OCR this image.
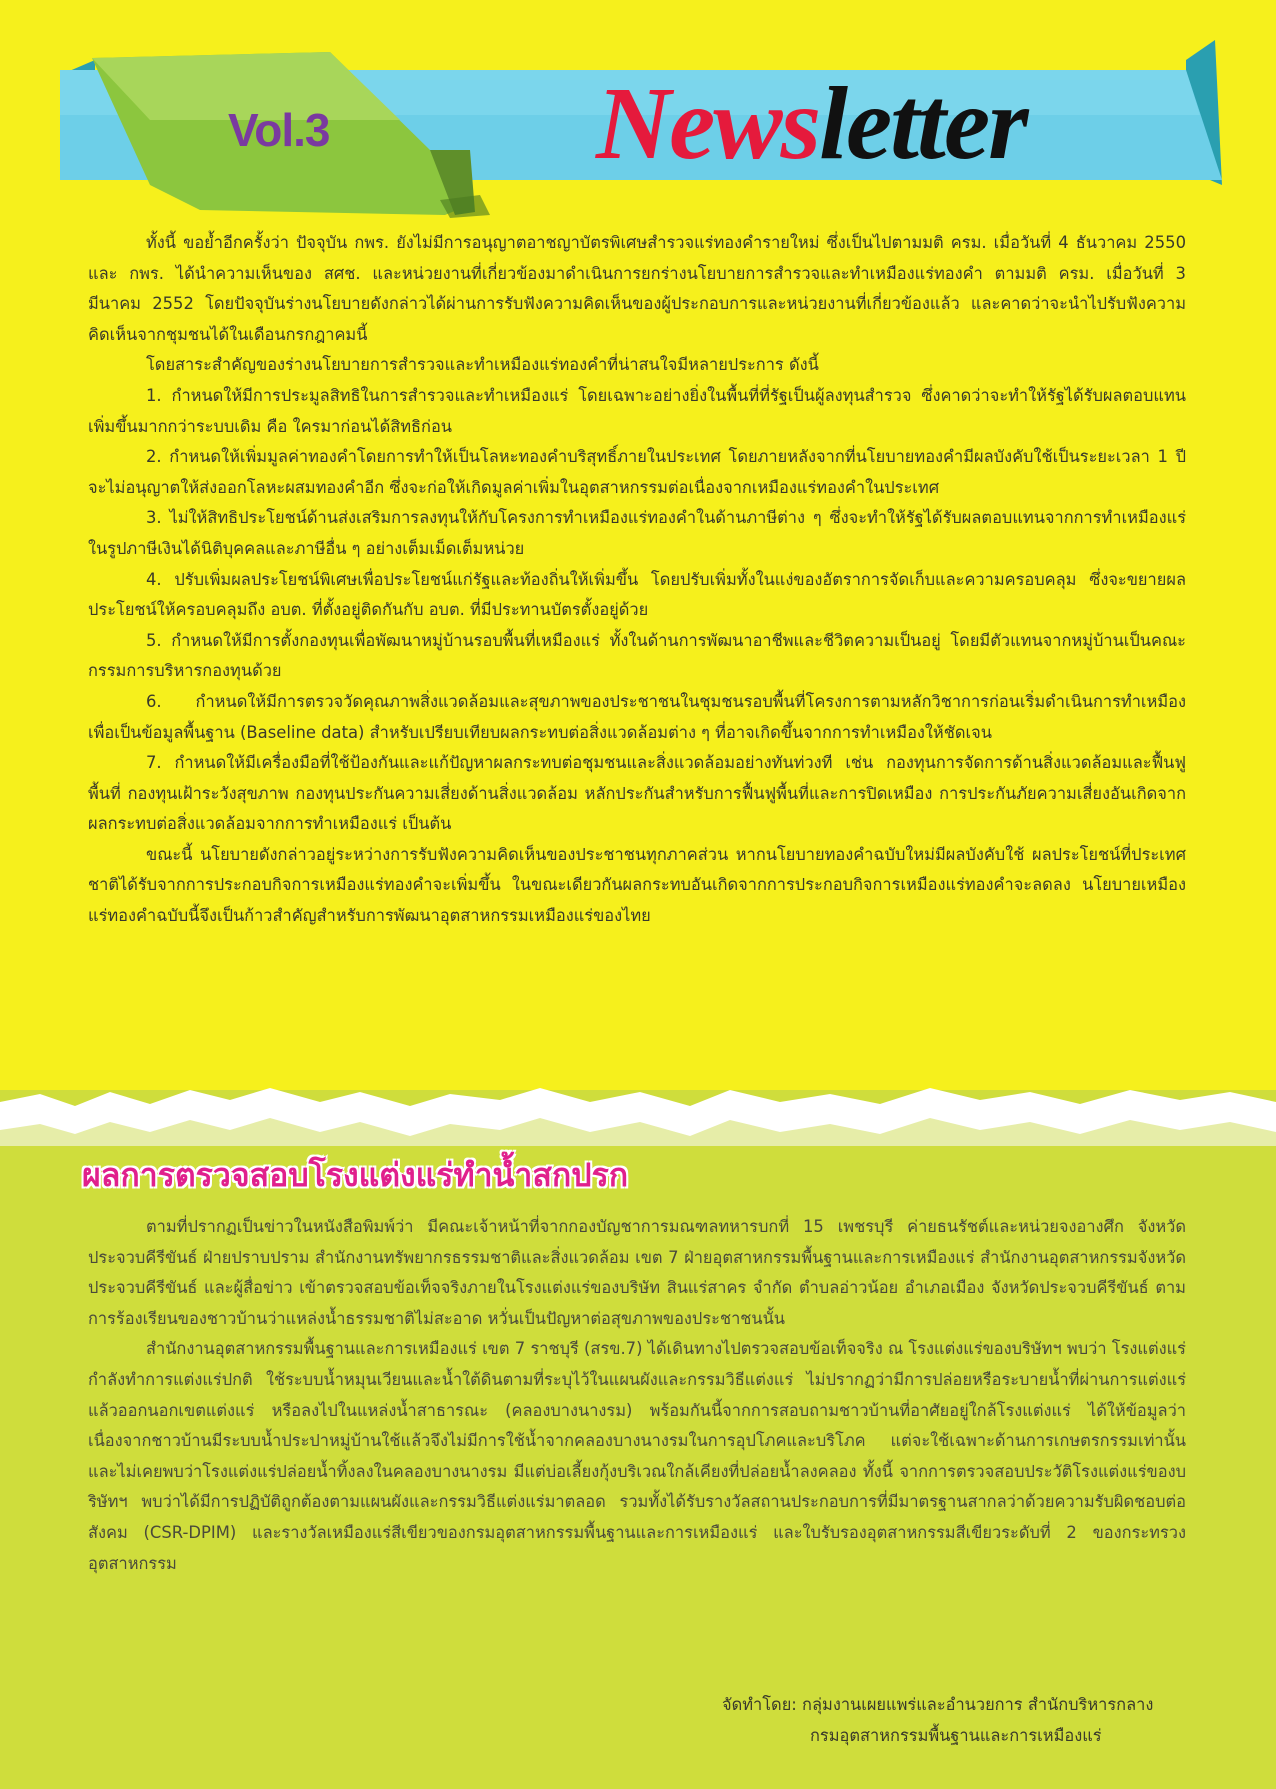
Vol.3	Newsletter

ทั้งนี้ ขอย้ำอีกครั้งว่า ปัจจุบัน กพร. ยังไม่มีการอนุญาตอาชญาบัตรพิเศษสำรวจแร่ทองคำรายใหม่ ซึ่งเป็นไปตามมติ ครม. เมื่อวันที่ 4 ธันวาคม 2550 และ กพร. ได้นำความเห็นของ สศช. และหน่วยงานที่เกี่ยวข้องมาดำเนินการยกร่างนโยบายการสำรวจและทำเหมืองแร่ทองคำ ตามมติ ครม. เมื่อวันที่ 3 มีนาคม 2552 โดยปัจจุบันร่างนโยบายดังกล่าวได้ผ่านการรับฟังความคิดเห็นของผู้ประกอบการและหน่วยงานที่เกี่ยวข้องแล้ว และคาดว่าจะนำไปรับฟังความคิดเห็นจากชุมชนได้ในเดือนกรกฎาคมนี้

โดยสาระสำคัญของร่างนโยบายการสำรวจและทำเหมืองแร่ทองคำที่น่าสนใจมีหลายประการ ดังนี้

1. กำหนดให้มีการประมูลสิทธิในการสำรวจและทำเหมืองแร่ โดยเฉพาะอย่างยิ่งในพื้นที่ที่รัฐเป็นผู้ลงทุนสำรวจ ซึ่งคาดว่าจะทำให้รัฐได้รับผลตอบแทนเพิ่มขึ้นมากกว่าระบบเดิม คือ ใครมาก่อนได้สิทธิก่อน

2. กำหนดให้เพิ่มมูลค่าทองคำโดยการทำให้เป็นโลหะทองคำบริสุทธิ์ภายในประเทศ โดยภายหลังจากที่นโยบายทองคำมีผลบังคับใช้เป็นระยะเวลา 1 ปี จะไม่อนุญาตให้ส่งออกโลหะผสมทองคำอีก ซึ่งจะก่อให้เกิดมูลค่าเพิ่มในอุตสาหกรรมต่อเนื่องจากเหมืองแร่ทองคำในประเทศ

3. ไม่ให้สิทธิประโยชน์ด้านส่งเสริมการลงทุนให้กับโครงการทำเหมืองแร่ทองคำในด้านภาษีต่าง ๆ ซึ่งจะทำให้รัฐได้รับผลตอบแทนจากการทำเหมืองแร่ในรูปภาษีเงินได้นิติบุคคลและภาษีอื่น ๆ อย่างเต็มเม็ดเต็มหน่วย

4. ปรับเพิ่มผลประโยชน์พิเศษเพื่อประโยชน์แก่รัฐและท้องถิ่นให้เพิ่มขึ้น โดยปรับเพิ่มทั้งในแง่ของอัตราการจัดเก็บและความครอบคลุม ซึ่งจะขยายผลประโยชน์ให้ครอบคลุมถึง อบต. ที่ตั้งอยู่ติดกันกับ อบต. ที่มีประทานบัตรตั้งอยู่ด้วย

5. กำหนดให้มีการตั้งกองทุนเพื่อพัฒนาหมู่บ้านรอบพื้นที่เหมืองแร่ ทั้งในด้านการพัฒนาอาชีพและชีวิตความเป็นอยู่ โดยมีตัวแทนจากหมู่บ้านเป็นคณะกรรมการบริหารกองทุนด้วย

6. กำหนดให้มีการตรวจวัดคุณภาพสิ่งแวดล้อมและสุขภาพของประชาชนในชุมชนรอบพื้นที่โครงการตามหลักวิชาการก่อนเริ่มดำเนินการทำเหมือง เพื่อเป็นข้อมูลพื้นฐาน (Baseline data) สำหรับเปรียบเทียบผลกระทบต่อสิ่งแวดล้อมต่าง ๆ ที่อาจเกิดขึ้นจากการทำเหมืองให้ชัดเจน

7. กำหนดให้มีเครื่องมือที่ใช้ป้องกันและแก้ปัญหาผลกระทบต่อชุมชนและสิ่งแวดล้อมอย่างทันท่วงที เช่น กองทุนการจัดการด้านสิ่งแวดล้อมและฟื้นฟูพื้นที่ กองทุนเฝ้าระวังสุขภาพ กองทุนประกันความเสี่ยงด้านสิ่งแวดล้อม หลักประกันสำหรับการฟื้นฟูพื้นที่และการปิดเหมือง การประกันภัยความเสี่ยงอันเกิดจากผลกระทบต่อสิ่งแวดล้อมจากการทำเหมืองแร่ เป็นต้น

ขณะนี้ นโยบายดังกล่าวอยู่ระหว่างการรับฟังความคิดเห็นของประชาชนทุกภาคส่วน หากนโยบายทองคำฉบับใหม่มีผลบังคับใช้ ผลประโยชน์ที่ประเทศชาติได้รับจากการประกอบกิจการเหมืองแร่ทองคำจะเพิ่มขึ้น ในขณะเดียวกันผลกระทบอันเกิดจากการประกอบกิจการเหมืองแร่ทองคำจะลดลง นโยบายเหมืองแร่ทองคำฉบับนี้จึงเป็นก้าวสำคัญสำหรับการพัฒนาอุตสาหกรรมเหมืองแร่ของไทย

ผลการตรวจสอบโรงแต่งแร่ทำน้ำสกปรก

ตามที่ปรากฏเป็นข่าวในหนังสือพิมพ์ว่า มีคณะเจ้าหน้าที่จากกองบัญชาการมณฑลทหารบกที่ 15 เพชรบุรี ค่ายธนรัชต์และหน่วยจงอางศึก จังหวัดประจวบคีรีขันธ์ ฝ่ายปราบปราม สำนักงานทรัพยากรธรรมชาติและสิ่งแวดล้อม เขต 7 ฝ่ายอุตสาหกรรมพื้นฐานและการเหมืองแร่ สำนักงานอุตสาหกรรมจังหวัดประจวบคีรีขันธ์ และผู้สื่อข่าว เข้าตรวจสอบข้อเท็จจริงภายในโรงแต่งแร่ของบริษัท สินแร่สาคร จำกัด ตำบลอ่าวน้อย อำเภอเมือง จังหวัดประจวบคีรีขันธ์ ตามการร้องเรียนของชาวบ้านว่าแหล่งน้ำธรรมชาติไม่สะอาด หวั่นเป็นปัญหาต่อสุขภาพของประชาชนนั้น

สำนักงานอุตสาหกรรมพื้นฐานและการเหมืองแร่ เขต 7 ราชบุรี (สรข.7) ได้เดินทางไปตรวจสอบข้อเท็จจริง ณ โรงแต่งแร่ของบริษัทฯ พบว่า โรงแต่งแร่กำลังทำการแต่งแร่ปกติ ใช้ระบบน้ำหมุนเวียนและน้ำใต้ดินตามที่ระบุไว้ในแผนผังและกรรมวิธีแต่งแร่ ไม่ปรากฏว่ามีการปล่อยหรือระบายน้ำที่ผ่านการแต่งแร่แล้วออกนอกเขตแต่งแร่ หรือลงไปในแหล่งน้ำสาธารณะ (คลองบางนางรม) พร้อมกันนี้จากการสอบถามชาวบ้านที่อาศัยอยู่ใกล้โรงแต่งแร่ ได้ให้ข้อมูลว่า เนื่องจากชาวบ้านมีระบบน้ำประปาหมู่บ้านใช้แล้วจึงไม่มีการใช้น้ำจากคลองบางนางรมในการอุปโภคและบริโภค แต่จะใช้เฉพาะด้านการเกษตรกรรมเท่านั้น และไม่เคยพบว่าโรงแต่งแร่ปล่อยน้ำทิ้งลงในคลองบางนางรม มีแต่บ่อเลี้ยงกุ้งบริเวณใกล้เคียงที่ปล่อยน้ำลงคลอง ทั้งนี้ จากการตรวจสอบประวัติโรงแต่งแร่ของบริษัทฯ พบว่าได้มีการปฏิบัติถูกต้องตามแผนผังและกรรมวิธีแต่งแร่มาตลอด รวมทั้งได้รับรางวัลสถานประกอบการที่มีมาตรฐานสากลว่าด้วยความรับผิดชอบต่อสังคม (CSR-DPIM) และรางวัลเหมืองแร่สีเขียวของกรมอุตสาหกรรมพื้นฐานและการเหมืองแร่ และใบรับรองอุตสาหกรรมสีเขียวระดับที่ 2 ของกระทรวงอุตสาหกรรม

จัดทำโดย: กลุ่มงานเผยแพร่และอำนวยการ สำนักบริหารกลาง
กรมอุตสาหกรรมพื้นฐานและการเหมืองแร่
